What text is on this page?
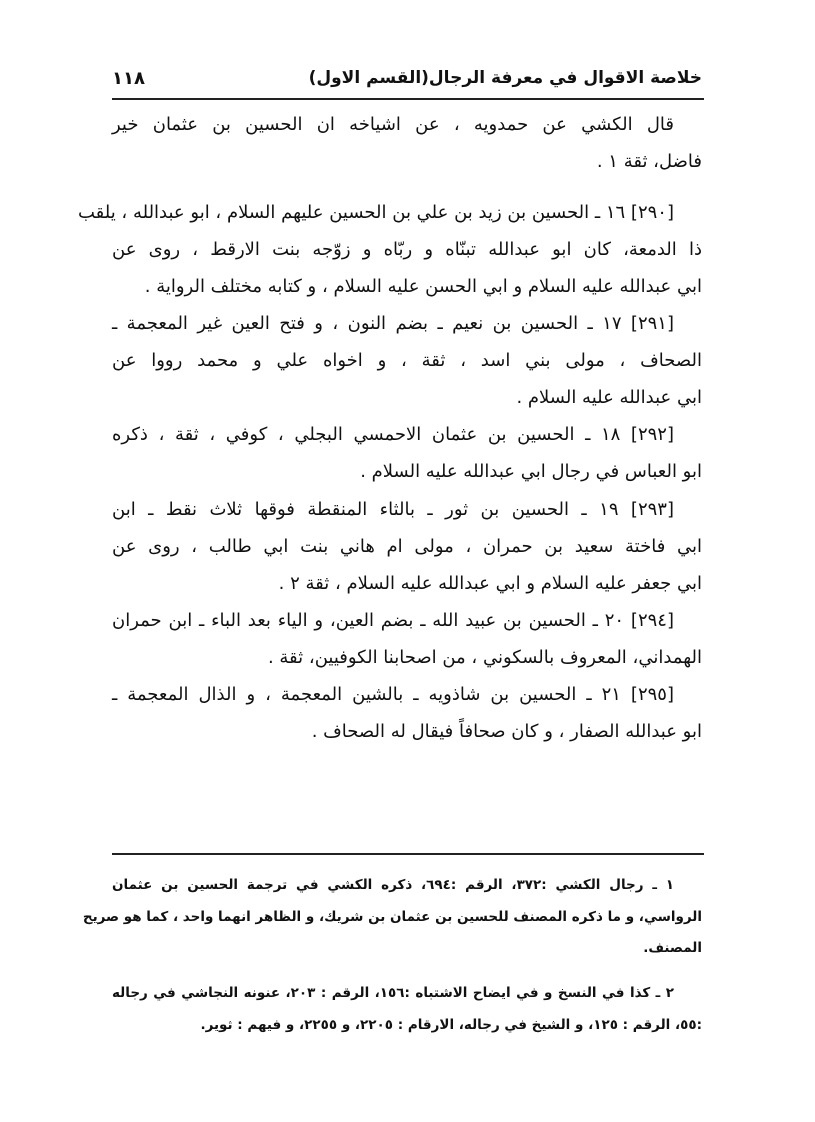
خلاصة الاقوال في معرفة الرجال(القسم الاول)
١١٨
قال الكشي عن حمدويه ، عن اشياخه ان الحسين بن عثمان خير
فاضل، ثقة ١ .
[٢٩٠] ١٦ ـ الحسين بن زيد بن علي بن الحسين عليهم السلام ، ابو عبدالله ، يلقب
ذا الدمعة، كان ابو عبدالله تبنّاه و ربّاه و زوّجه بنت الارقط ، روى عن
ابي عبدالله عليه السلام و ابي الحسن عليه السلام ، و كتابه مختلف الرواية .
[٢٩١] ١٧ ـ الحسين بن نعيم ـ بضم النون ، و فتح العين غير المعجمة ـ
الصحاف ، مولى بني اسد ، ثقة ، و اخواه علي و محمد رووا عن
ابي عبدالله عليه السلام .
[٢٩٢] ١٨ ـ الحسين بن عثمان الاحمسي البجلي ، كوفي ، ثقة ، ذكره
ابو العباس في رجال ابي عبدالله عليه السلام .
[٢٩٣] ١٩ ـ الحسين بن ثور ـ بالثاء المنقطة فوقها ثلاث نقط ـ ابن
ابي فاختة سعيد بن حمران ، مولى ام هاني بنت ابي طالب ، روى عن
ابي جعفر عليه السلام و ابي عبدالله عليه السلام ، ثقة ٢ .
[٢٩٤] ٢٠ ـ الحسين بن عبيد الله ـ بضم العين، و الياء بعد الباء ـ ابن حمران
الهمداني، المعروف بالسكوني ، من اصحابنا الكوفيين، ثقة .
[٢٩٥] ٢١ ـ الحسين بن شاذويه ـ بالشين المعجمة ، و الذال المعجمة ـ
ابو عبدالله الصفار ، و كان صحافاً فيقال له الصحاف .
١ ـ رجال الكشي :٣٧٢، الرقم :٦٩٤، ذكره الكشي في ترجمة الحسين بن عثمان
الرواسي، و ما ذكره المصنف للحسين بن عثمان بن شريك، و الظاهر انهما واحد ، كما هو صريح
المصنف.
٢ ـ كذا في النسخ و في ايضاح الاشتباه :١٥٦، الرقم : ٢٠٣، عنونه النجاشي في رجاله
:٥٥، الرقم : ١٢٥، و الشيخ في رجاله، الارقام : ٢٢٠٥، و ٢٢٥٥، و فيهم : ثوير.
